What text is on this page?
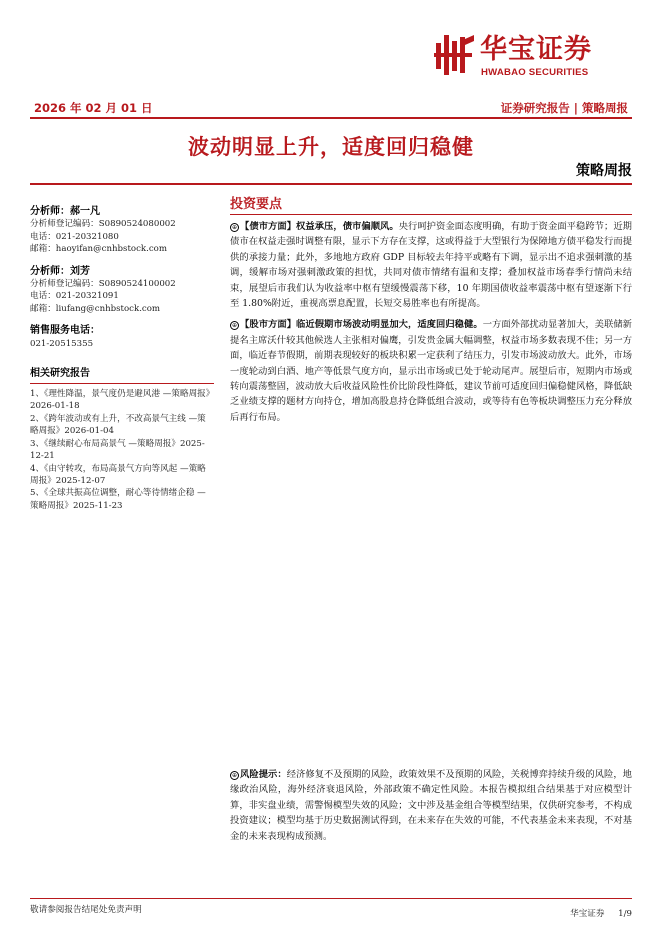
华宝证券
HWABAO SECURITIES
2026 年 02 月 01 日	证券研究报告 | 策略周报
波动明显上升，适度回归稳健
策略周报
分析师：郝一凡
分析师登记编码：S0890524080002
电话：021-20321080
邮箱：haoyifan@cnhbstock.com
分析师：刘芳
分析师登记编码：S0890524100002
电话：021-20321091
邮箱：liufang@cnhbstock.com
销售服务电话：
021-20515355
相关研究报告
1、《理性降温，景气度仍是避风港 —策略周报》2026-01-18
2、《跨年波动或有上升，不改高景气主线 —策略周报》2026-01-04
3、《继续耐心布局高景气 —策略周报》2025-12-21
4、《由守转攻，布局高景气方向等风起 —策略周报》2025-12-07
5、《全球共振高位调整，耐心等待情绪企稳 —策略周报》2025-11-23
投资要点
⊕ 【债市方面】权益承压，债市偏顺风。央行呵护资金面态度明确，有助于资金面平稳跨节；近期债市在权益走强时调整有限，显示下方存在支撑，这或得益于大型银行为保障地方债平稳发行而提供的承接力量；此外，多地地方政府 GDP 目标较去年持平或略有下调，显示出不追求强刺激的基调，缓解市场对强刺激政策的担忧，共同对债市情绪有温和支撑；叠加权益市场春季行情尚未结束，展望后市我们认为收益率中枢有望缓慢震荡下移，10 年期国债收益率震荡中枢有望逐渐下行至 1.80%附近，重视高票息配置，长短交易胜率也有所提高。
⊕ 【股市方面】临近假期市场波动明显加大，适度回归稳健。一方面外部扰动显著加大，美联储新提名主席沃什较其他候选人主张相对偏鹰，引发贵金属大幅调整，权益市场多数表现不佳；另一方面，临近春节假期，前期表现较好的板块积累一定获利了结压力，引发市场波动放大。此外，市场一度轮动到白酒、地产等低景气度方向，显示出市场或已处于轮动尾声。展望后市，短期内市场或转向震荡整固，波动放大后收益风险性价比阶段性降低，建议节前可适度回归偏稳健风格，降低缺乏业绩支撑的题材方向持仓，增加高股息持仓降低组合波动，或等待有色等板块调整压力充分释放后再行布局。
⊕ 风险提示：经济修复不及预期的风险，政策效果不及预期的风险，关税博弈持续升级的风险，地缘政治风险，海外经济衰退风险，外部政策不确定性风险。本报告模拟组合结果基于对应模型计算，非实盘业绩，需警惕模型失效的风险；文中涉及基金组合等模型结果，仅供研究参考，不构成投资建议；模型均基于历史数据测试得到，在未来存在失效的可能，不代表基金未来表现，不对基金的未来表现构成预测。
敬请参阅报告结尾处免责声明	华宝证券 1/9
